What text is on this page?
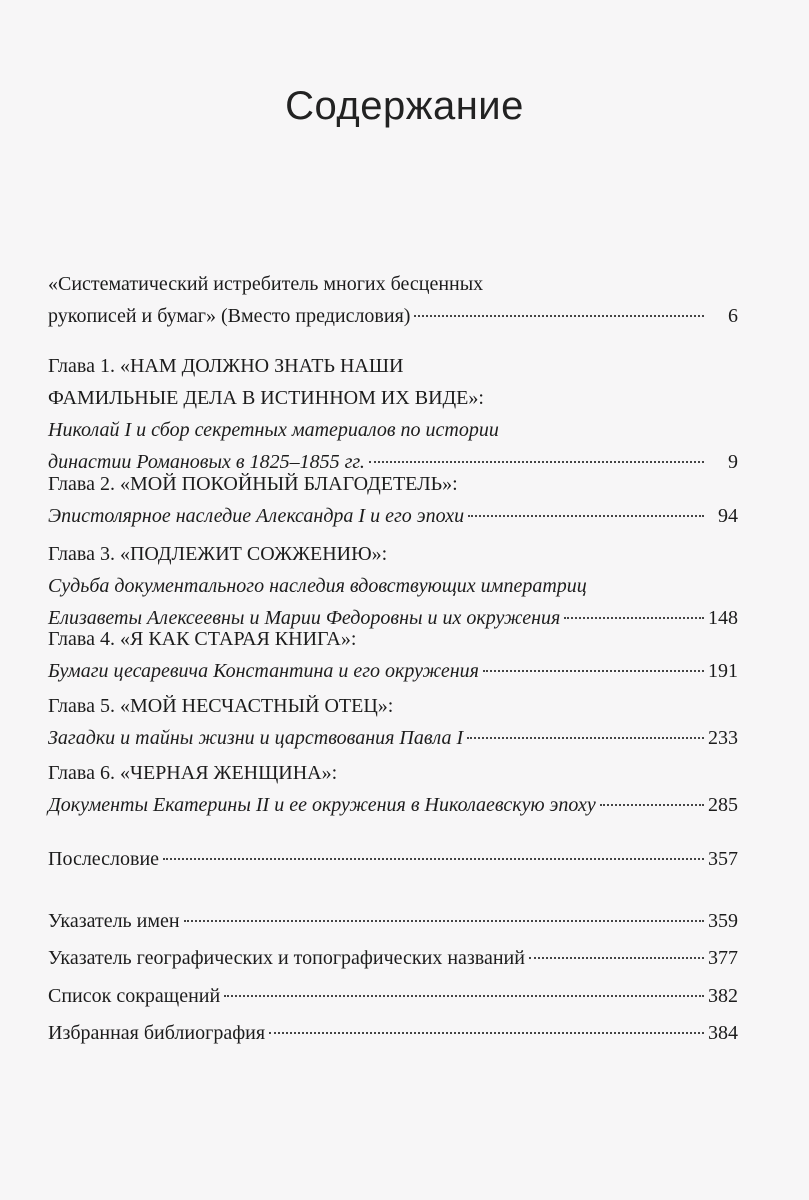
Содержание
«Систематический истребитель многих бесценных
рукописей и бумаг» (Вместо предисловия)	6
Глава 1. «НАМ ДОЛЖНО ЗНАТЬ НАШИ
ФАМИЛЬНЫЕ ДЕЛА В ИСТИННОМ ИХ ВИДЕ»:
Николай I и сбор секретных материалов по истории
династии Романовых в 1825–1855 гг.	9
Глава 2. «МОЙ ПОКОЙНЫЙ БЛАГОДЕТЕЛЬ»:
Эпистолярное наследие Александра I и его эпохи	94
Глава 3. «ПОДЛЕЖИТ СОЖЖЕНИЮ»:
Судьба документального наследия вдовствующих императриц
Елизаветы Алексеевны и Марии Федоровны и их окружения	148
Глава 4. «Я КАК СТАРАЯ КНИГА»:
Бумаги цесаревича Константина и его окружения	191
Глава 5. «МОЙ НЕСЧАСТНЫЙ ОТЕЦ»:
Загадки и тайны жизни и царствования Павла I	233
Глава 6. «ЧЕРНАЯ ЖЕНЩИНА»:
Документы Екатерины II и ее окружения в Николаевскую эпоху	285
Послесловие	357
Указатель имен	359
Указатель географических и топографических названий	377
Список сокращений	382
Избранная библиография	384
